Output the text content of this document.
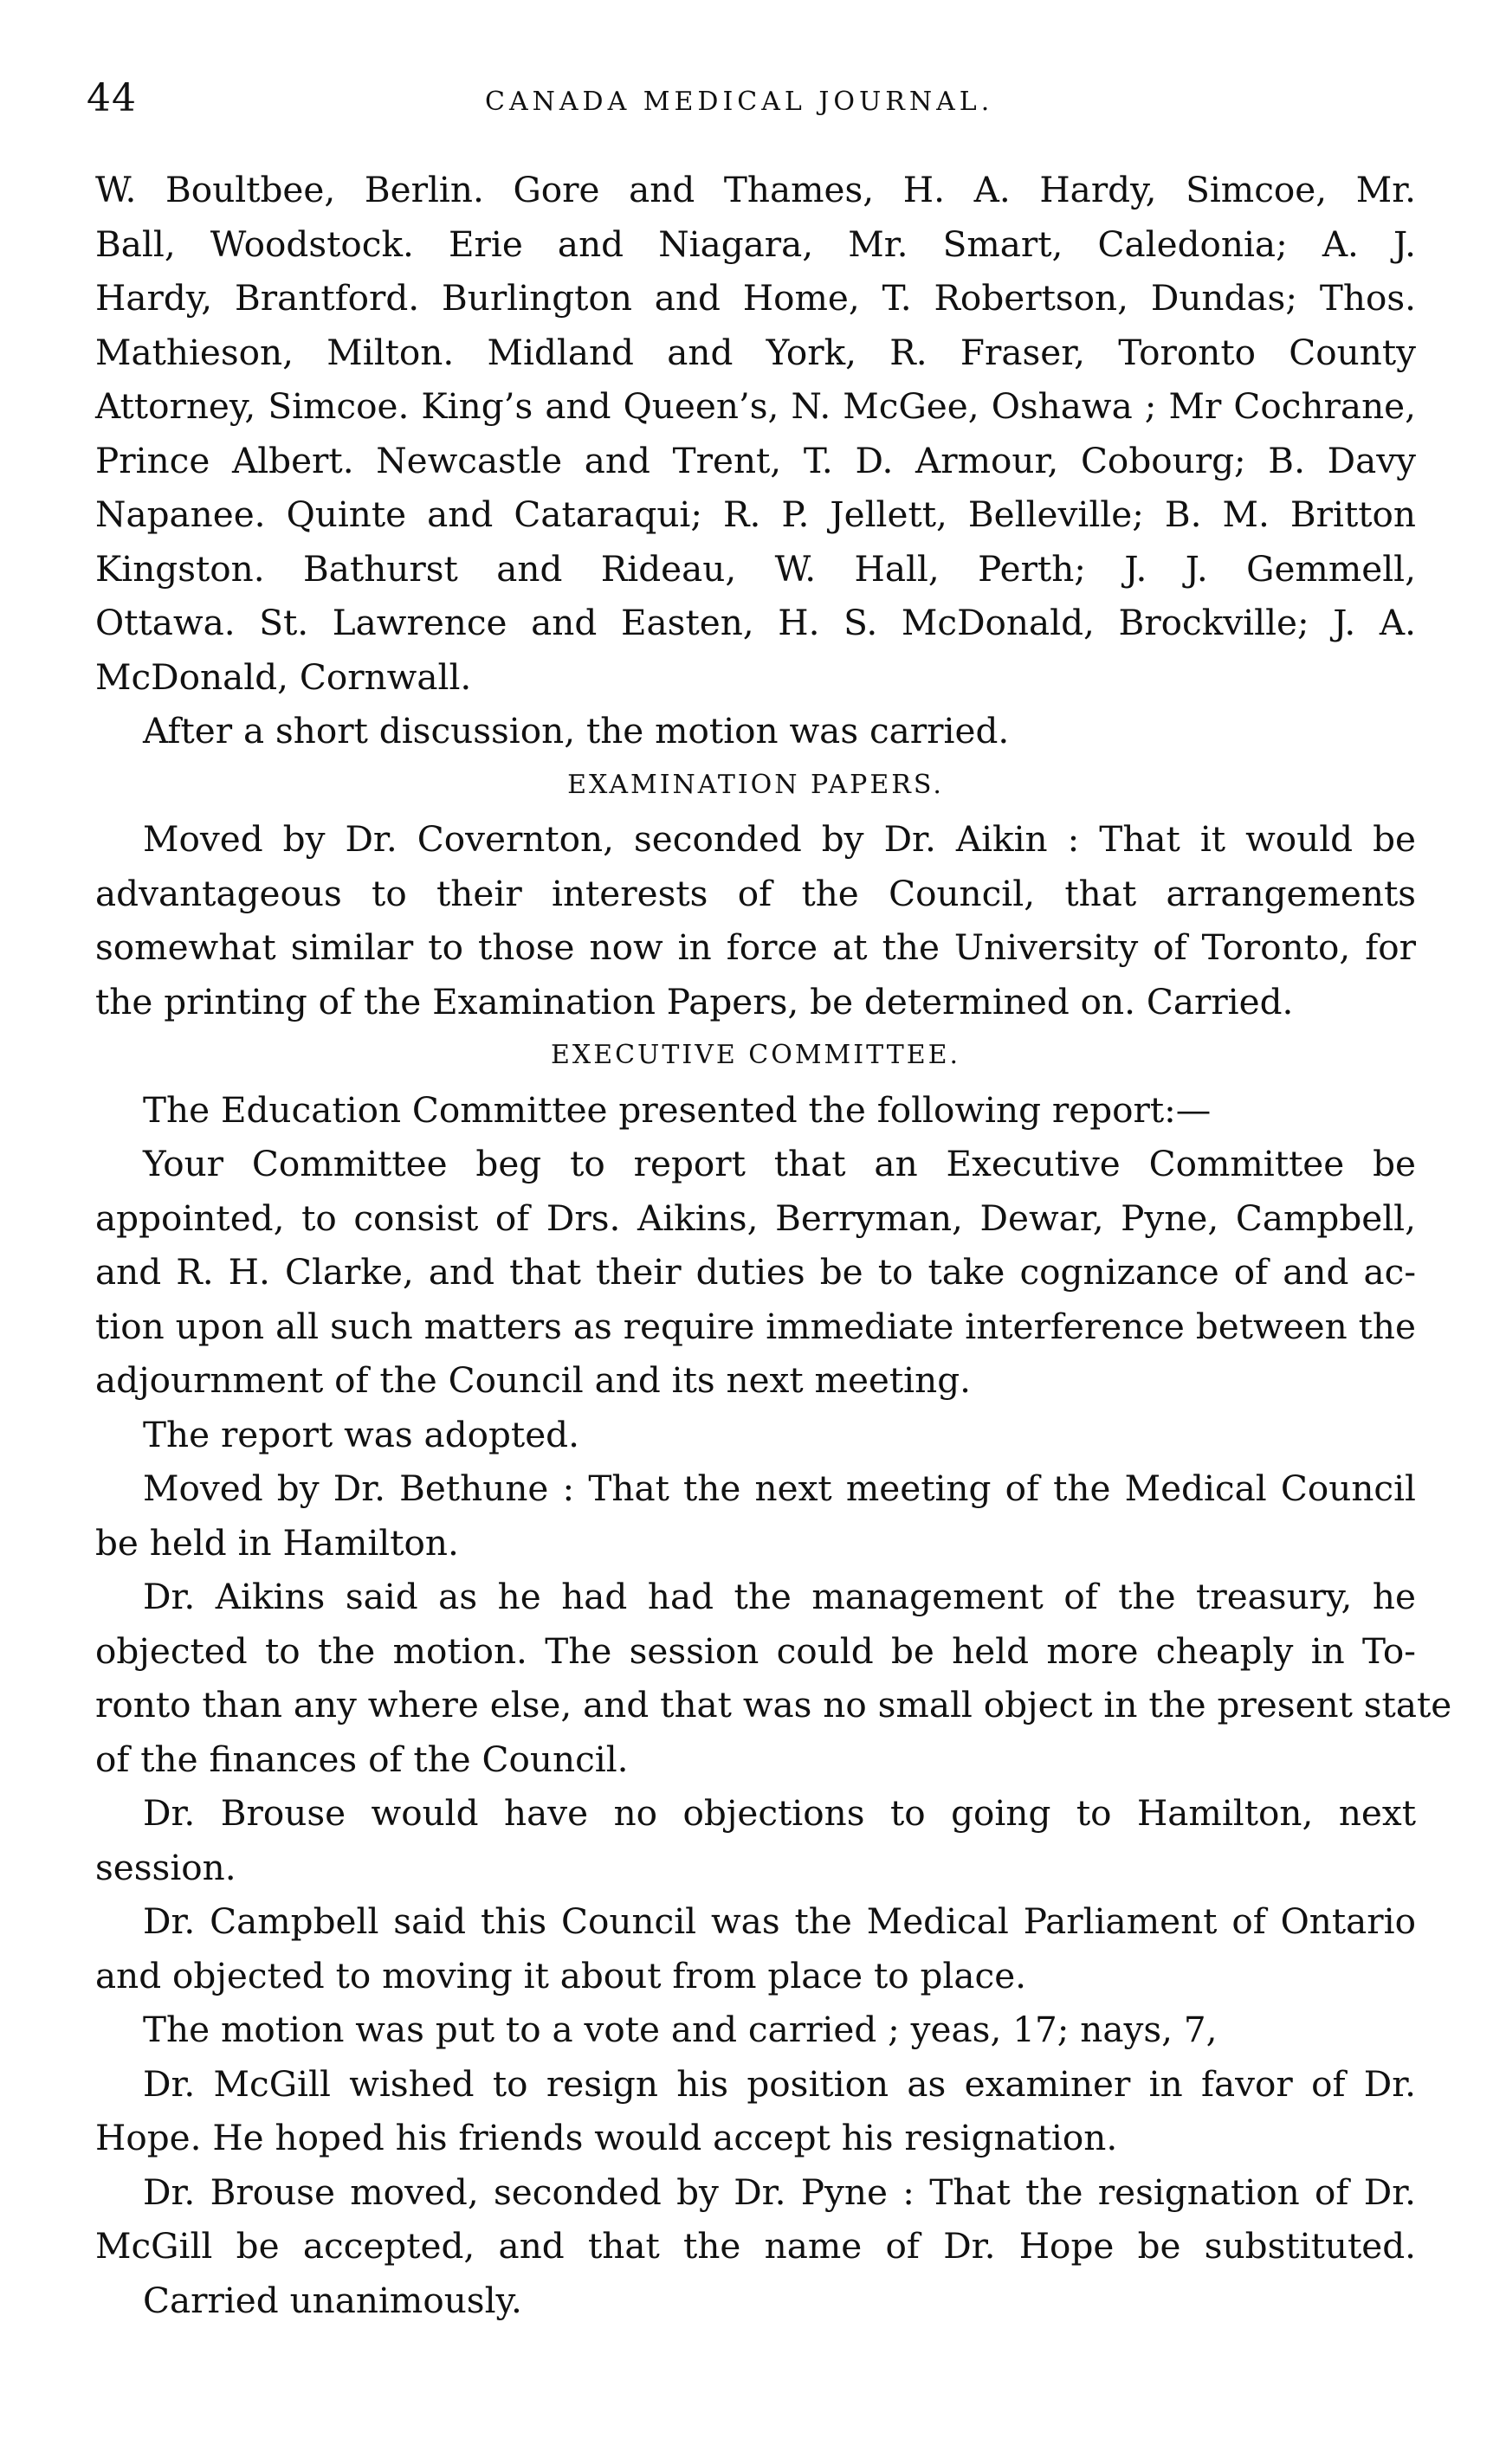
44	CANADA MEDICAL JOURNAL.
W. Boultbee, Berlin. Gore and Thames, H. A. Hardy, Simcoe, Mr.
Ball, Woodstock. Erie and Niagara, Mr. Smart, Caledonia; A. J.
Hardy, Brantford. Burlington and Home, T. Robertson, Dundas; Thos.
Mathieson, Milton. Midland and York, R. Fraser, Toronto County
Attorney, Simcoe. King’s and Queen’s, N. McGee, Oshawa ; Mr Cochrane,
Prince Albert. Newcastle and Trent, T. D. Armour, Cobourg; B. Davy
Napanee. Quinte and Cataraqui; R. P. Jellett, Belleville; B. M. Britton
Kingston. Bathurst and Rideau, W. Hall, Perth; J. J. Gemmell,
Ottawa. St. Lawrence and Easten, H. S. McDonald, Brockville; J. A.
McDonald, Cornwall.
After a short discussion, the motion was carried.
EXAMINATION PAPERS.
Moved by Dr. Covernton, seconded by Dr. Aikin : That it would be
advantageous to their interests of the Council, that arrangements
somewhat similar to those now in force at the University of Toronto, for
the printing of the Examination Papers, be determined on. Carried.
EXECUTIVE COMMITTEE.
The Education Committee presented the following report:—
Your Committee beg to report that an Executive Committee be
appointed, to consist of Drs. Aikins, Berryman, Dewar, Pyne, Campbell,
and R. H. Clarke, and that their duties be to take cognizance of and ac-
tion upon all such matters as require immediate interference between the
adjournment of the Council and its next meeting.
The report was adopted.
Moved by Dr. Bethune : That the next meeting of the Medical Council
be held in Hamilton.
Dr. Aikins said as he had had the management of the treasury, he
objected to the motion. The session could be held more cheaply in To-
ronto than any where else, and that was no small object in the present state
of the finances of the Council.
Dr. Brouse would have no objections to going to Hamilton, next
session.
Dr. Campbell said this Council was the Medical Parliament of Ontario
and objected to moving it about from place to place.
The motion was put to a vote and carried ; yeas, 17; nays, 7,
Dr. McGill wished to resign his position as examiner in favor of Dr.
Hope. He hoped his friends would accept his resignation.
Dr. Brouse moved, seconded by Dr. Pyne : That the resignation of Dr.
McGill be accepted, and that the name of Dr. Hope be substituted.
Carried unanimously.
